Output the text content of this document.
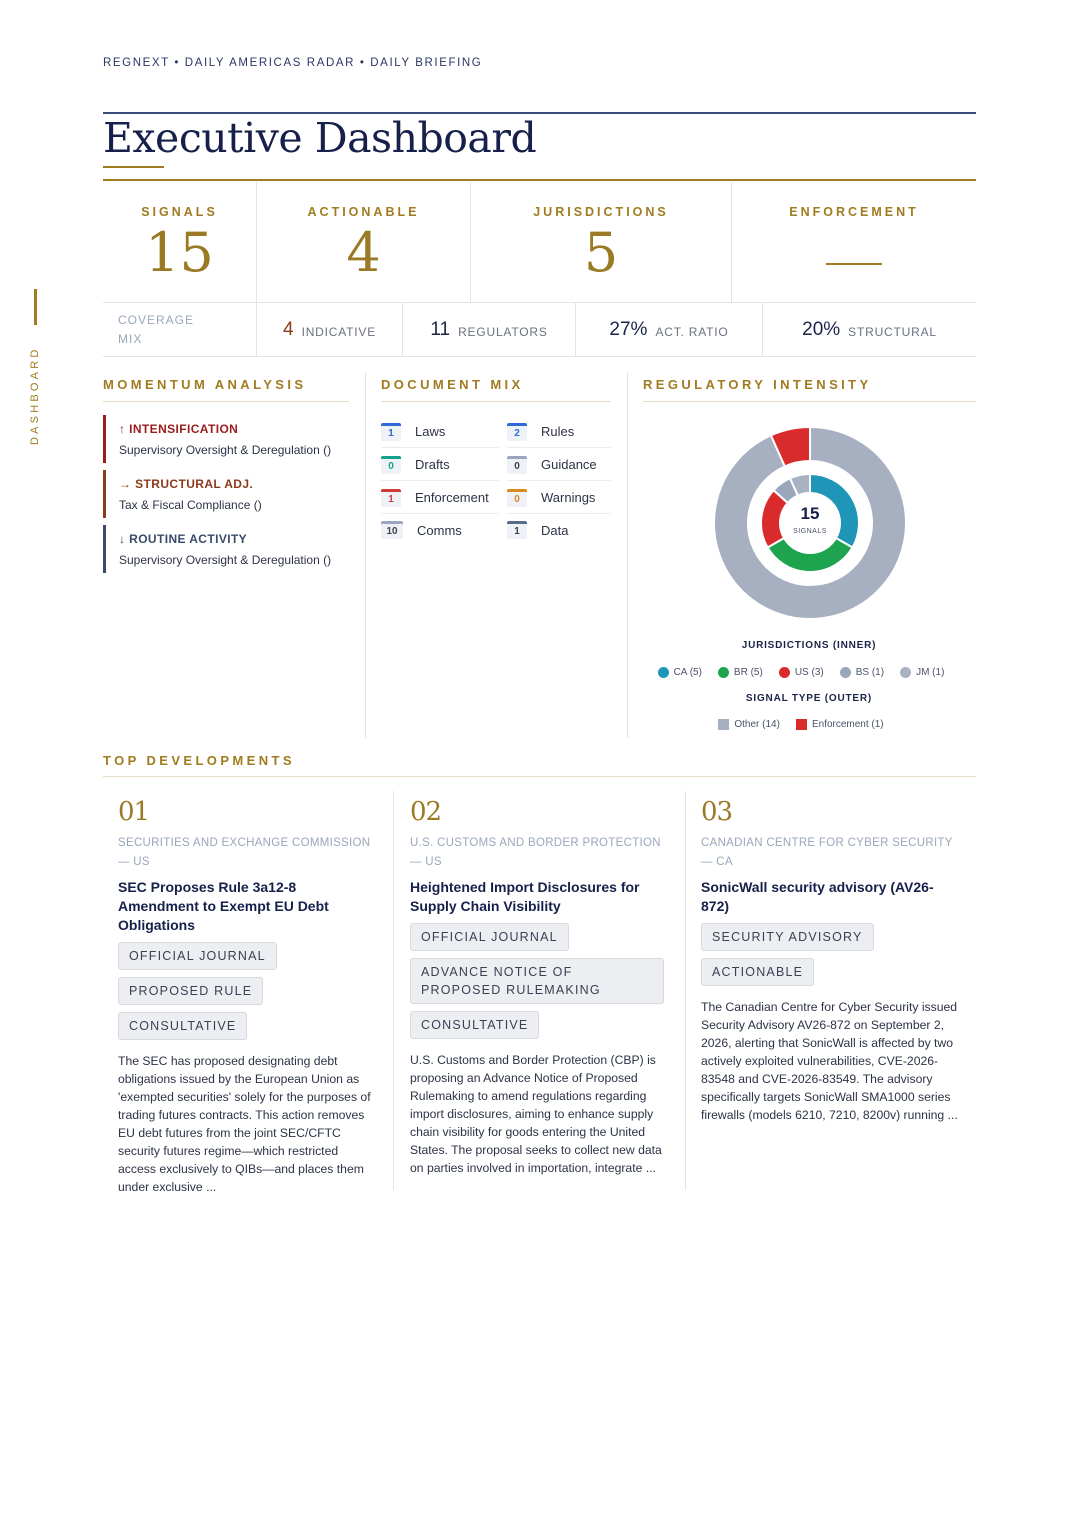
REGNEXT • DAILY AMERICAS RADAR • DAILY BRIEFING
DASHBOARD
Executive Dashboard
SIGNALS
15
ACTIONABLE
4
JURISDICTIONS
5
ENFORCEMENT
COVERAGE
MIX	4 INDICATIVE	11 REGULATORS	27% ACT. RATIO	20% STRUCTURAL
MOMENTUM ANALYSIS	DOCUMENT MIX	REGULATORY INTENSITY
↑ INTENSIFICATION
Supervisory Oversight & Deregulation ()
→ STRUCTURAL ADJ.
Tax & Fiscal Compliance ()
↓ ROUTINE ACTIVITY
Supervisory Oversight & Deregulation ()
1	Laws	2	Rules
0	Drafts	0	Guidance
1	Enforcement	0	Warnings
10	Comms	1	Data
15
SIGNALS
JURISDICTIONS (INNER)
CA (5)	BR (5)	US (3)	BS (1)	JM (1)
SIGNAL TYPE (OUTER)
Other (14)	Enforcement (1)
TOP DEVELOPMENTS
01
SECURITIES AND EXCHANGE COMMISSION — US
SEC Proposes Rule 3a12-8 Amendment to Exempt EU Debt Obligations
OFFICIAL JOURNAL
PROPOSED RULE
CONSULTATIVE
The SEC has proposed designating debt obligations issued by the European Union as 'exempted securities' solely for the purposes of trading futures contracts. This action removes EU debt futures from the joint SEC/CFTC security futures regime—which restricted access exclusively to QIBs—and places them under exclusive ...
02
U.S. CUSTOMS AND BORDER PROTECTION — US
Heightened Import Disclosures for Supply Chain Visibility
OFFICIAL JOURNAL
ADVANCE NOTICE OF PROPOSED RULEMAKING
CONSULTATIVE
U.S. Customs and Border Protection (CBP) is proposing an Advance Notice of Proposed Rulemaking to amend regulations regarding import disclosures, aiming to enhance supply chain visibility for goods entering the United States. The proposal seeks to collect new data on parties involved in importation, integrate ...
03
CANADIAN CENTRE FOR CYBER SECURITY — CA
SonicWall security advisory (AV26-872)
SECURITY ADVISORY
ACTIONABLE
The Canadian Centre for Cyber Security issued Security Advisory AV26-872 on September 2, 2026, alerting that SonicWall is affected by two actively exploited vulnerabilities, CVE-2026-83548 and CVE-2026-83549. The advisory specifically targets SonicWall SMA1000 series firewalls (models 6210, 7210, 8200v) running ...
